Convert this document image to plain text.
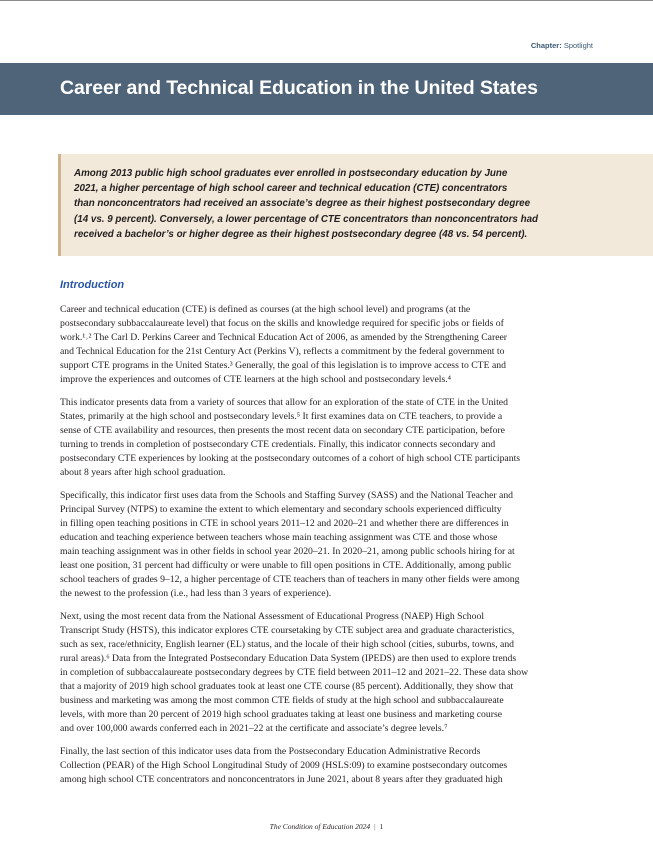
Chapter: Spotlight
Career and Technical Education in the United States

Among 2013 public high school graduates ever enrolled in postsecondary education by June
2021, a higher percentage of high school career and technical education (CTE) concentrators
than nonconcentrators had received an associate’s degree as their highest postsecondary degree
(14 vs. 9 percent). Conversely, a lower percentage of CTE concentrators than nonconcentrators had
received a bachelor’s or higher degree as their highest postsecondary degree (48 vs. 54 percent).

Introduction

Career and technical education (CTE) is defined as courses (at the high school level) and programs (at the
postsecondary subbaccalaureate level) that focus on the skills and knowledge required for specific jobs or fields of
work.¹˒² The Carl D. Perkins Career and Technical Education Act of 2006, as amended by the Strengthening Career
and Technical Education for the 21st Century Act (Perkins V), reflects a commitment by the federal government to
support CTE programs in the United States.³ Generally, the goal of this legislation is to improve access to CTE and
improve the experiences and outcomes of CTE learners at the high school and postsecondary levels.⁴

This indicator presents data from a variety of sources that allow for an exploration of the state of CTE in the United
States, primarily at the high school and postsecondary levels.⁵ It first examines data on CTE teachers, to provide a
sense of CTE availability and resources, then presents the most recent data on secondary CTE participation, before
turning to trends in completion of postsecondary CTE credentials. Finally, this indicator connects secondary and
postsecondary CTE experiences by looking at the postsecondary outcomes of a cohort of high school CTE participants
about 8 years after high school graduation.

Specifically, this indicator first uses data from the Schools and Staffing Survey (SASS) and the National Teacher and
Principal Survey (NTPS) to examine the extent to which elementary and secondary schools experienced difficulty
in filling open teaching positions in CTE in school years 2011–12 and 2020–21 and whether there are differences in
education and teaching experience between teachers whose main teaching assignment was CTE and those whose
main teaching assignment was in other fields in school year 2020–21. In 2020–21, among public schools hiring for at
least one position, 31 percent had difficulty or were unable to fill open positions in CTE. Additionally, among public
school teachers of grades 9–12, a higher percentage of CTE teachers than of teachers in many other fields were among
the newest to the profession (i.e., had less than 3 years of experience).

Next, using the most recent data from the National Assessment of Educational Progress (NAEP) High School
Transcript Study (HSTS), this indicator explores CTE coursetaking by CTE subject area and graduate characteristics,
such as sex, race/ethnicity, English learner (EL) status, and the locale of their high school (cities, suburbs, towns, and
rural areas).⁶ Data from the Integrated Postsecondary Education Data System (IPEDS) are then used to explore trends
in completion of subbaccalaureate postsecondary degrees by CTE field between 2011–12 and 2021–22. These data show
that a majority of 2019 high school graduates took at least one CTE course (85 percent). Additionally, they show that
business and marketing was among the most common CTE fields of study at the high school and subbaccalaureate
levels, with more than 20 percent of 2019 high school graduates taking at least one business and marketing course
and over 100,000 awards conferred each in 2021–22 at the certificate and associate’s degree levels.⁷

Finally, the last section of this indicator uses data from the Postsecondary Education Administrative Records
Collection (PEAR) of the High School Longitudinal Study of 2009 (HSLS:09) to examine postsecondary outcomes
among high school CTE concentrators and nonconcentrators in June 2021, about 8 years after they graduated high

The Condition of Education 2024 | 1
